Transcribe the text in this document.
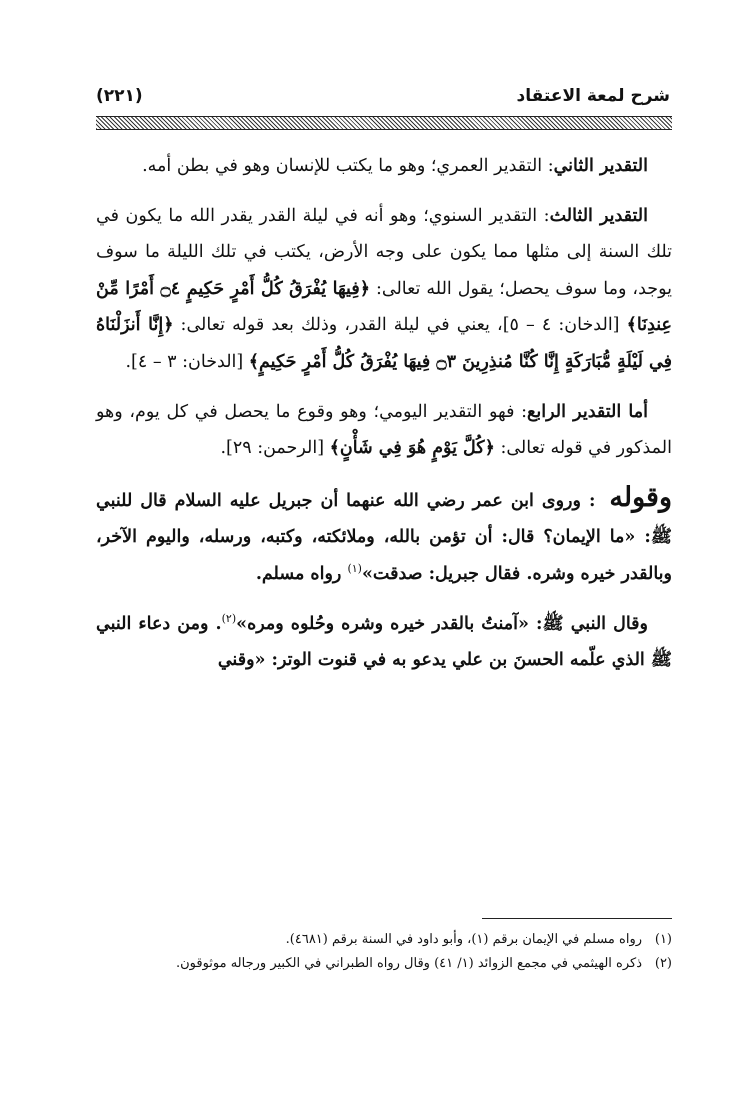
شرح لمعة الاعتقاد
(٢٢١)

التقدير الثاني: التقدير العمري؛ وهو ما يكتب للإنسان وهو في بطن أمه.

التقدير الثالث: التقدير السنوي؛ وهو أنه في ليلة القدر يقدر الله ما يكون في تلك السنة إلى مثلها مما يكون على وجه الأرض، يكتب في تلك الليلة ما سوف يوجد، وما سوف يحصل؛ يقول الله تعالى: ﴿فِيهَا يُفْرَقُ كُلُّ أَمْرٍ حَكِيمٍ ۝٤ أَمْرًا مِّنْ عِندِنَا﴾ [الدخان: ٤ – ٥]، يعني في ليلة القدر، وذلك بعد قوله تعالى: ﴿إِنَّا أَنزَلْنَاهُ فِي لَيْلَةٍ مُّبَارَكَةٍ إِنَّا كُنَّا مُنذِرِينَ ۝٣ فِيهَا يُفْرَقُ كُلُّ أَمْرٍ حَكِيمٍ﴾ [الدخان: ٣ – ٤].

أما التقدير الرابع: فهو التقدير اليومي؛ وهو وقوع ما يحصل في كل يوم، وهو المذكور في قوله تعالى: ﴿كُلَّ يَوْمٍ هُوَ فِي شَأْنٍ﴾ [الرحمن: ٢٩].

وقوله : وروى ابن عمر رضي الله عنهما أن جبريل عليه السلام قال للنبي ﷺ: «ما الإيمان؟ قال: أن تؤمن بالله، وملائكته، وكتبه، ورسله، واليوم الآخر، وبالقدر خيره وشره. فقال جبريل: صدقت»$^{(١)}$ رواه مسلم.

وقال النبي ﷺ: «آمنتُ بالقدر خيره وشره وحُلوه ومره»$^{(٢)}$. ومن دعاء النبي ﷺ الذي علّمه الحسنَ بن علي يدعو به في قنوت الوتر: «وقني

(١)رواه مسلم في الإيمان برقم (١)، وأبو داود في السنة برقم (٤٦٨١).

(٢)ذكره الهيثمي في مجمع الزوائد (١/ ٤١) وقال رواه الطبراني في الكبير ورجاله موثوقون.
